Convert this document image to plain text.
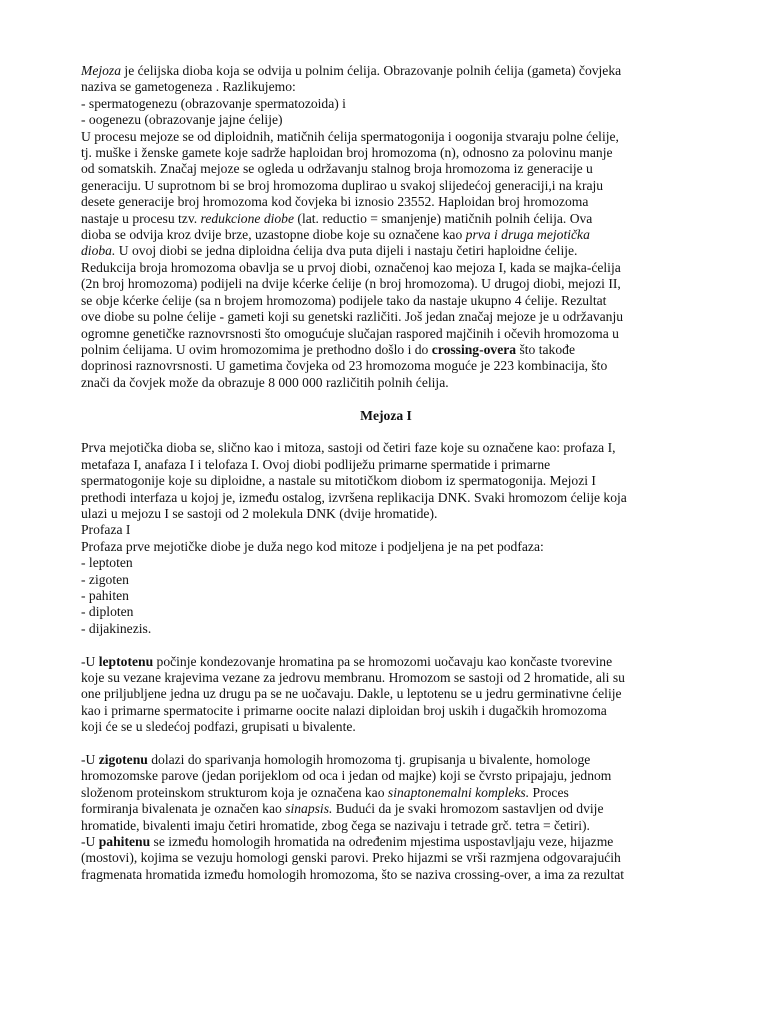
Mejoza je ćelijska dioba koja se odvija u polnim ćelija. Obrazovanje polnih ćelija (gameta) čovjeka
naziva se gametogeneza . Razlikujemo:
- spermatogenezu (obrazovanje spermatozoida) i
- oogenezu (obrazovanje jajne ćelije)
U procesu mejoze se od diploidnih, matičnih ćelija spermatogonija i oogonija stvaraju polne ćelije,
tj. muške i ženske gamete koje sadrže haploidan broj hromozoma (n), odnosno za polovinu manje
od somatskih. Značaj mejoze se ogleda u održavanju stalnog broja hromozoma iz generacije u
generaciju. U suprotnom bi se broj hromozoma duplirao u svakoj slijedećoj generaciji,i na kraju
desete generacije broj hromozoma kod čovjeka bi iznosio 23552. Haploidan broj hromozoma
nastaje u procesu tzv. redukcione diobe (lat. reductio = smanjenje) matičnih polnih ćelija. Ova
dioba se odvija kroz dvije brze, uzastopne diobe koje su označene kao prva i druga mejotička
dioba. U ovoj diobi se jedna diploidna ćelija dva puta dijeli i nastaju četiri haploidne ćelije.
Redukcija broja hromozoma obavlja se u prvoj diobi, označenoj kao mejoza I, kada se majka-ćelija
(2n broj hromozoma) podijeli na dvije kćerke ćelije (n broj hromozoma). U drugoj diobi, mejozi II,
se obje kćerke ćelije (sa n brojem hromozoma) podijele tako da nastaje ukupno 4 ćelije. Rezultat
ove diobe su polne ćelije - gameti koji su genetski različiti. Još jedan značaj mejoze je u održavanju
ogromne genetičke raznovrsnosti što omogućuje slučajan raspored majčinih i očevih hromozoma u
polnim ćelijama. U ovim hromozomima je prethodno došlo i do crossing-overa što takođe
doprinosi raznovrsnosti. U gametima čovjeka od 23 hromozoma moguće je 223 kombinacija, što
znači da čovjek može da obrazuje 8 000 000 različitih polnih ćelija.
Mejoza I
Prva mejotička dioba se, slično kao i mitoza, sastoji od četiri faze koje su označene kao: profaza I,
metafaza I, anafaza I i telofaza I. Ovoj diobi podliježu primarne spermatide i primarne
spermatogonije koje su diploidne, a nastale su mitotičkom diobom iz spermatogonija. Mejozi I
prethodi interfaza u kojoj je, između ostalog, izvršena replikacija DNK. Svaki hromozom ćelije koja
ulazi u mejozu I se sastoji od 2 molekula DNK (dvije hromatide).
Profaza I
Profaza prve mejotičke diobe je duža nego kod mitoze i podjeljena je na pet podfaza:
- leptoten
- zigoten
- pahiten
- diploten
- dijakinezis.
-U leptotenu počinje kondezovanje hromatina pa se hromozomi uočavaju kao končaste tvorevine
koje su vezane krajevima vezane za jedrovu membranu. Hromozom se sastoji od 2 hromatide, ali su
one priljubljene jedna uz drugu pa se ne uočavaju. Dakle, u leptotenu se u jedru germinativne ćelije
kao i primarne spermatocite i primarne oocite nalazi diploidan broj uskih i dugačkih hromozoma
koji će se u sledećoj podfazi, grupisati u bivalente.
-U zigotenu dolazi do sparivanja homologih hromozoma tj. grupisanja u bivalente, homologe
hromozomske parove (jedan porijeklom od oca i jedan od majke) koji se čvrsto pripajaju, jednom
složenom proteinskom strukturom koja je označena kao sinaptonemalni kompleks. Proces
formiranja bivalenata je označen kao sinapsis. Budući da je svaki hromozom sastavljen od dvije
hromatide, bivalenti imaju četiri hromatide, zbog čega se nazivaju i tetrade grč. tetra = četiri).
-U pahitenu se između homologih hromatida na određenim mjestima uspostavljaju veze, hijazme
(mostovi), kojima se vezuju homologi genski parovi. Preko hijazmi se vrši razmjena odgovarajućih
fragmenata hromatida između homologih hromozoma, što se naziva crossing-over, a ima za rezultat
